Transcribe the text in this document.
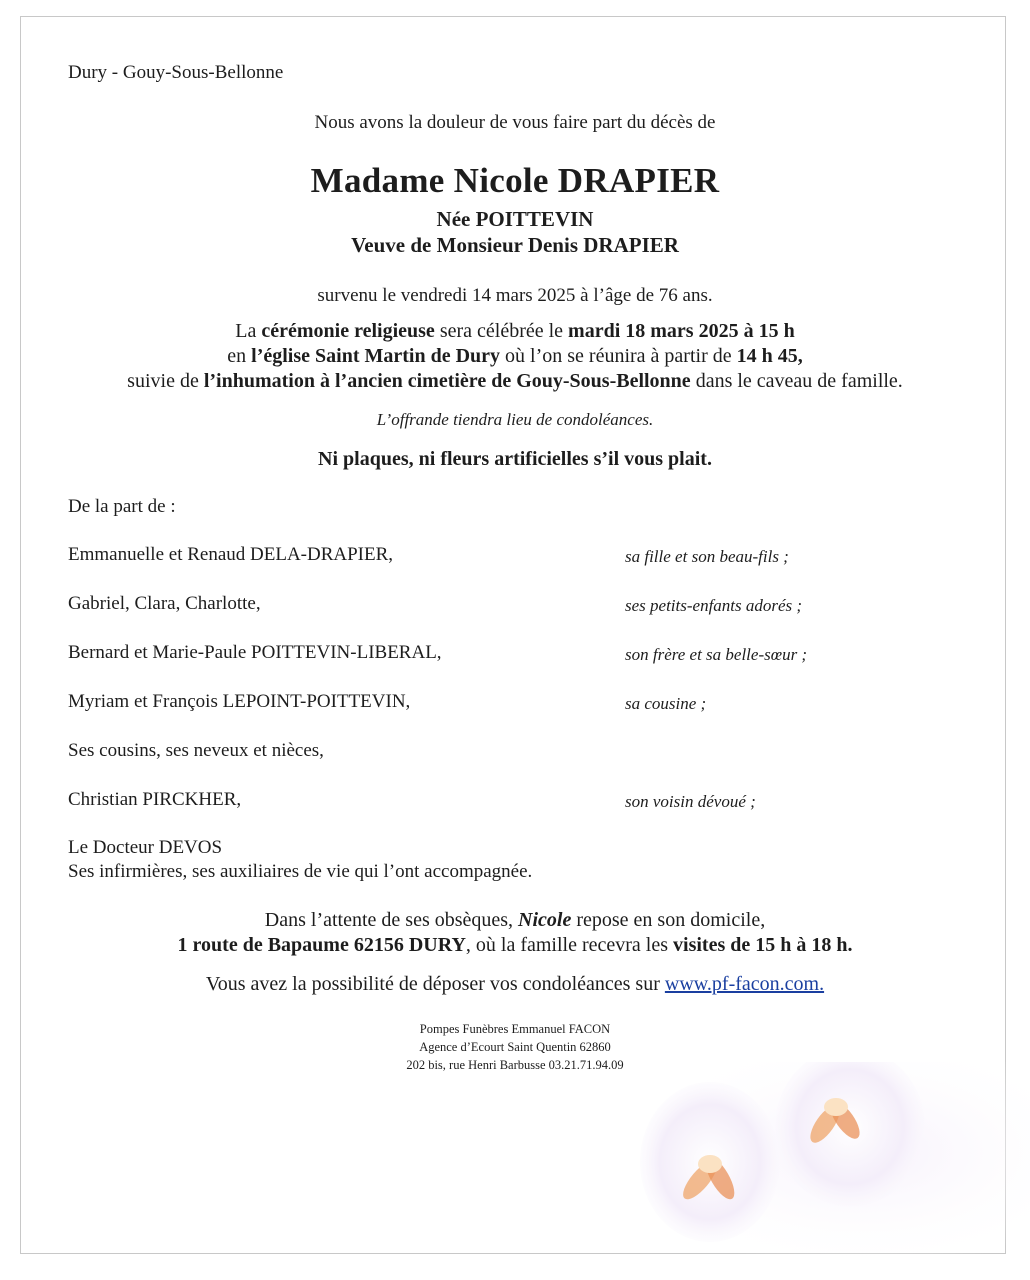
Dury - Gouy-Sous-Bellonne
Nous avons la douleur de vous faire part du décès de
Madame Nicole DRAPIER
Née POITTEVIN
Veuve de Monsieur Denis DRAPIER
survenu le vendredi 14 mars 2025 à l’âge de 76 ans.
La cérémonie religieuse sera célébrée le mardi 18 mars 2025 à 15 h
en l’église Saint Martin de Dury où l’on se réunira à partir de 14 h 45,
suivie de l’inhumation à l’ancien cimetière de Gouy-Sous-Bellonne dans le caveau de famille.
L’offrande tiendra lieu de condoléances.
Ni plaques, ni fleurs artificielles s’il vous plait.
De la part de :
Emmanuelle et Renaud DELA-DRAPIER,	sa fille et son beau-fils ;
Gabriel, Clara, Charlotte,	ses petits-enfants adorés ;
Bernard et Marie-Paule POITTEVIN-LIBERAL,	son frère et sa belle-sœur ;
Myriam et François LEPOINT-POITTEVIN,	sa cousine ;
Ses cousins, ses neveux et nièces,
Christian PIRCKHER,	son voisin dévoué ;
Le Docteur DEVOS
Ses infirmières, ses auxiliaires de vie qui l’ont accompagnée.
Dans l’attente de ses obsèques, Nicole repose en son domicile,
1 route de Bapaume 62156 DURY, où la famille recevra les visites de 15 h à 18 h.
Vous avez la possibilité de déposer vos condoléances sur www.pf-facon.com.
Pompes Funèbres Emmanuel FACON
Agence d’Ecourt Saint Quentin 62860
202 bis, rue Henri Barbusse 03.21.71.94.09
